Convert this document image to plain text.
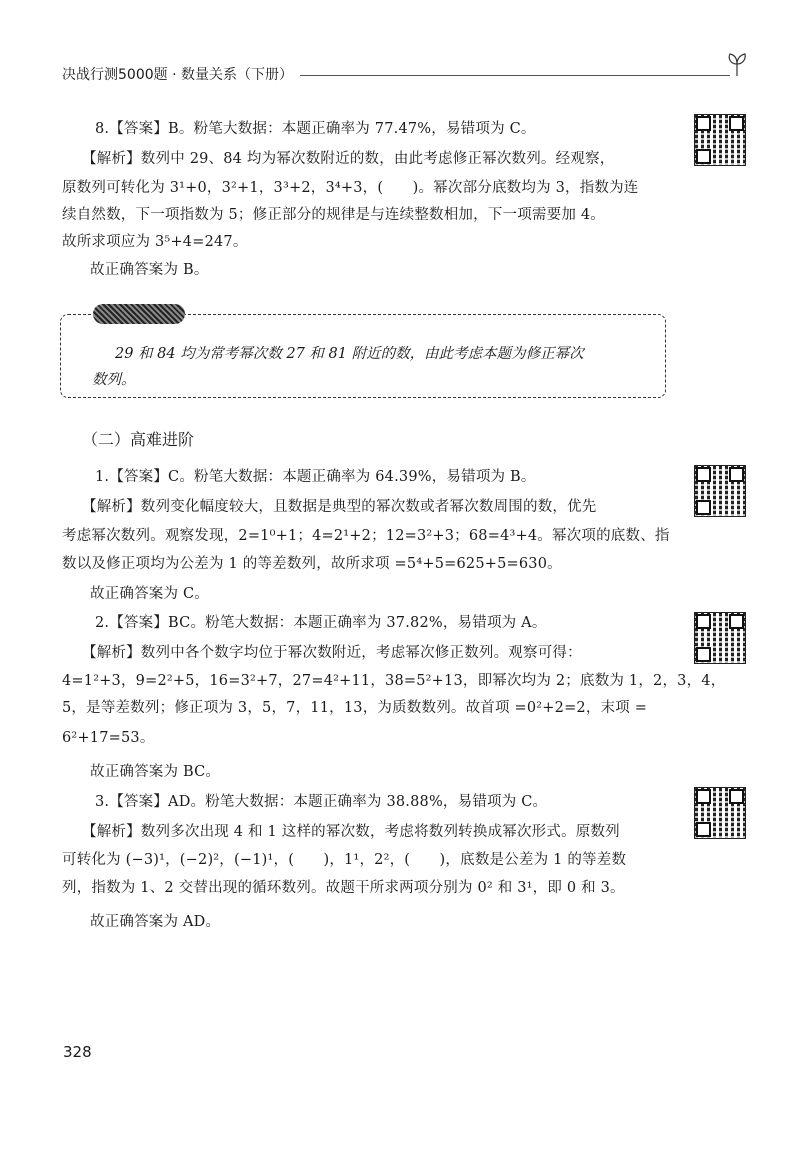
决战行测5000题 · 数量关系（下册）
8.【答案】B。粉笔大数据：本题正确率为 77.47%，易错项为 C。
【解析】数列中 29、84 均为幂次数附近的数，由此考虑修正幂次数列。经观察，
原数列可转化为 3¹+0，3²+1，3³+2，3⁴+3，(　　)。幂次部分底数均为 3，指数为连
续自然数，下一项指数为 5；修正部分的规律是与连续整数相加，下一项需要加 4。
故所求项应为 3⁵+4=247。
故正确答案为 B。
29 和 84 均为常考幂次数 27 和 81 附近的数，由此考虑本题为修正幂次
数列。
（二）高难进阶
1.【答案】C。粉笔大数据：本题正确率为 64.39%，易错项为 B。
【解析】数列变化幅度较大，且数据是典型的幂次数或者幂次数周围的数，优先
考虑幂次数列。观察发现，2=1⁰+1；4=2¹+2；12=3²+3；68=4³+4。幂次项的底数、指
数以及修正项均为公差为 1 的等差数列，故所求项 =5⁴+5=625+5=630。
故正确答案为 C。
2.【答案】BC。粉笔大数据：本题正确率为 37.82%，易错项为 A。
【解析】数列中各个数字均位于幂次数附近，考虑幂次修正数列。观察可得：
4=1²+3，9=2²+5，16=3²+7，27=4²+11，38=5²+13，即幂次均为 2；底数为 1，2，3，4，
5，是等差数列；修正项为 3，5，7，11，13，为质数数列。故首项 =0²+2=2，末项 =
6²+17=53。
故正确答案为 BC。
3.【答案】AD。粉笔大数据：本题正确率为 38.88%，易错项为 C。
【解析】数列多次出现 4 和 1 这样的幂次数，考虑将数列转换成幂次形式。原数列
可转化为 (−3)¹，(−2)²，(−1)¹，(　　)，1¹，2²，(　　)，底数是公差为 1 的等差数
列，指数为 1、2 交替出现的循环数列。故题干所求两项分别为 0² 和 3¹，即 0 和 3。
故正确答案为 AD。
328
